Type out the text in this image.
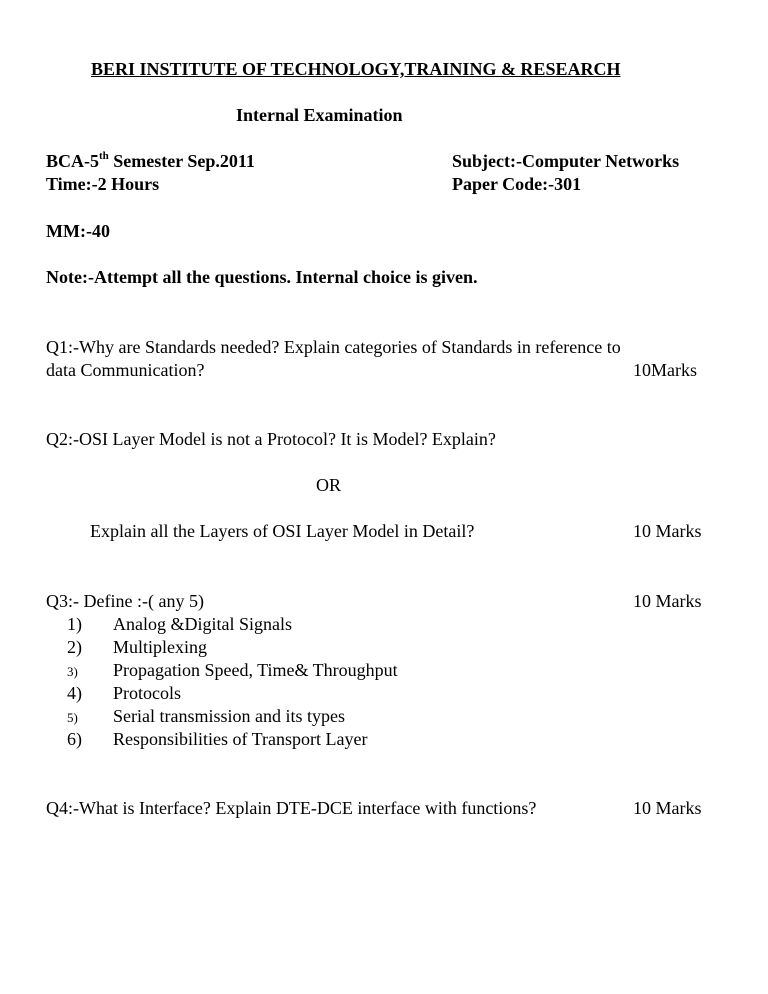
BERI INSTITUTE OF TECHNOLOGY,TRAINING & RESEARCH
Internal Examination
BCA-5th Semester Sep.2011
Time:-2 Hours
Subject:-Computer Networks
Paper Code:-301
MM:-40
Note:-Attempt all the questions. Internal choice is given.
Q1:-Why are Standards needed? Explain categories of Standards in reference to
data Communication?	10Marks
Q2:-OSI Layer Model is not a Protocol? It is Model? Explain?
OR
Explain all the Layers of OSI Layer Model in Detail?	10 Marks
Q3:- Define :-( any 5)	10 Marks
1) Analog &Digital Signals
2) Multiplexing
3) Propagation Speed, Time& Throughput
4) Protocols
5) Serial transmission and its types
6) Responsibilities of Transport Layer
Q4:-What is Interface? Explain DTE-DCE interface with functions?	10 Marks
